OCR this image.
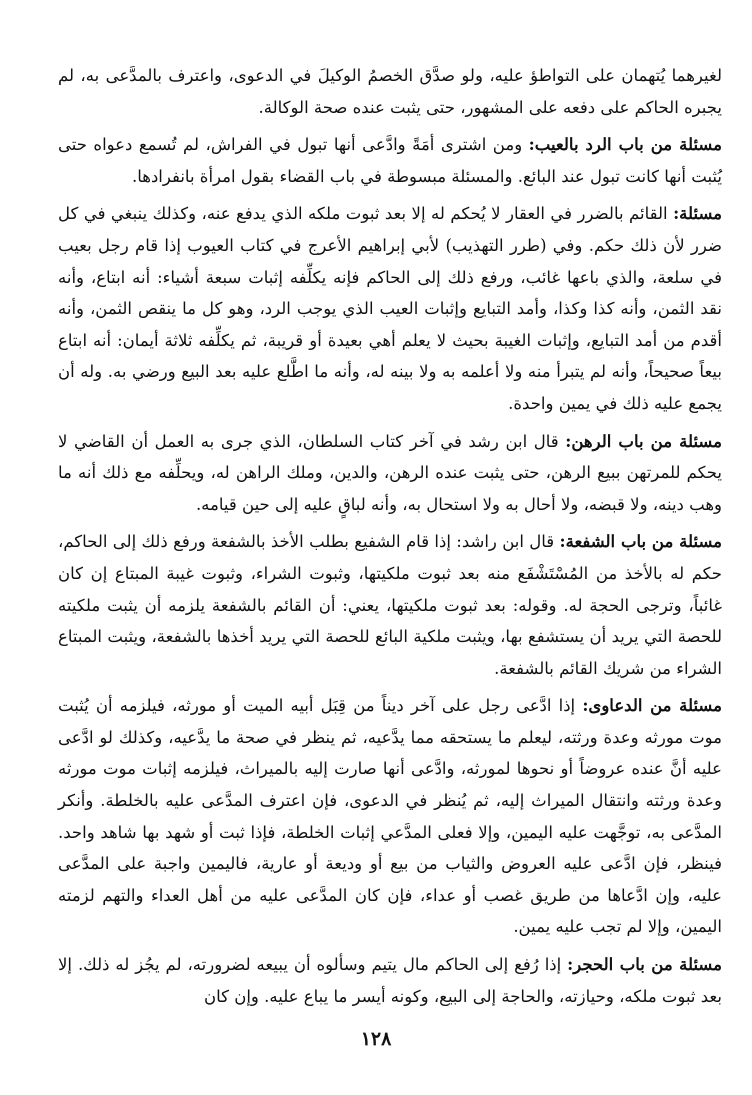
لغيرهما يُتهمان على التواطؤ عليه، ولو صدَّق الخصمُ الوكيلَ في الدعوى، واعترف بالمدَّعى به، لم يجبره الحاكم على دفعه على المشهور، حتى يثبت عنده صحة الوكالة.

مسئلة من باب الرد بالعيب: ومن اشترى أمَةً وادَّعى أنها تبول في الفراش، لم تُسمع دعواه حتى يُثبت أنها كانت تبول عند البائع. والمسئلة مبسوطة في باب القضاء بقول امرأة بانفرادها.

مسئلة: القائم بالضرر في العقار لا يُحكم له إلا بعد ثبوت ملكه الذي يدفع عنه، وكذلك ينبغي في كل ضرر لأن ذلك حكم. وفي (طرر التهذيب) لأبي إبراهيم الأعرج في كتاب العيوب إذا قام رجل بعيب في سلعة، والذي باعها غائب، ورفع ذلك إلى الحاكم فإنه يكلِّفه إثبات سبعة أشياء: أنه ابتاع، وأنه نقد الثمن، وأنه كذا وكذا، وأمد التبايع وإثبات العيب الذي يوجب الرد، وهو كل ما ينقص الثمن، وأنه أقدم من أمد التبايع، وإثبات الغيبة بحيث لا يعلم أهي بعيدة أو قريبة، ثم يكلِّفه ثلاثة أيمان: أنه ابتاع بيعاً صحيحاً، وأنه لم يتبرأ منه ولا أعلمه به ولا بينه له، وأنه ما اطَّلع عليه بعد البيع ورضي به. وله أن يجمع عليه ذلك في يمين واحدة.

مسئلة من باب الرهن: قال ابن رشد في آخر كتاب السلطان، الذي جرى به العمل أن القاضي لا يحكم للمرتهن ببيع الرهن، حتى يثبت عنده الرهن، والدين، وملك الراهن له، ويحلِّفه مع ذلك أنه ما وهب دينه، ولا قبضه، ولا أحال به ولا استحال به، وأنه لباقٍ عليه إلى حين قيامه.

مسئلة من باب الشفعة: قال ابن راشد: إذا قام الشفيع بطلب الأخذ بالشفعة ورفع ذلك إلى الحاكم، حكم له بالأخذ من المُسْتَشْفَع منه بعد ثبوت ملكيتها، وثبوت الشراء، وثبوت غيبة المبتاع إن كان غائباً، وترجى الحجة له. وقوله: بعد ثبوت ملكيتها، يعني: أن القائم بالشفعة يلزمه أن يثبت ملكيته للحصة التي يريد أن يستشفع بها، ويثبت ملكية البائع للحصة التي يريد أخذها بالشفعة، ويثبت المبتاع الشراء من شريك القائم بالشفعة.

مسئلة من الدعاوى: إذا ادَّعى رجل على آخر ديناً من قِبَل أبيه الميت أو مورثه، فيلزمه أن يُثبت موت مورثه وعدة ورثته، ليعلم ما يستحقه مما يدَّعيه، ثم ينظر في صحة ما يدَّعيه، وكذلك لو ادَّعى عليه أنَّ عنده عروضاً أو نحوها لمورثه، وادَّعى أنها صارت إليه بالميراث، فيلزمه إثبات موت مورثه وعدة ورثته وانتقال الميراث إليه، ثم يُنظر في الدعوى، فإن اعترف المدَّعى عليه بالخلطة. وأنكر المدَّعى به، توجَّهت عليه اليمين، وإلا فعلى المدَّعي إثبات الخلطة، فإذا ثبت أو شهد بها شاهد واحد. فينظر، فإن ادَّعى عليه العروض والثياب من بيع أو وديعة أو عارية، فاليمين واجبة على المدَّعى عليه، وإن ادَّعاها من طريق غصب أو عداء، فإن كان المدَّعى عليه من أهل العداء والتهم لزمته اليمين، وإلا لم تجب عليه يمين.

مسئلة من باب الحجر: إذا رُفع إلى الحاكم مال يتيم وسألوه أن يبيعه لضرورته، لم يجُز له ذلك. إلا بعد ثبوت ملكه، وحيازته، والحاجة إلى البيع، وكونه أيسر ما يباع عليه. وإن كان

١٢٨
